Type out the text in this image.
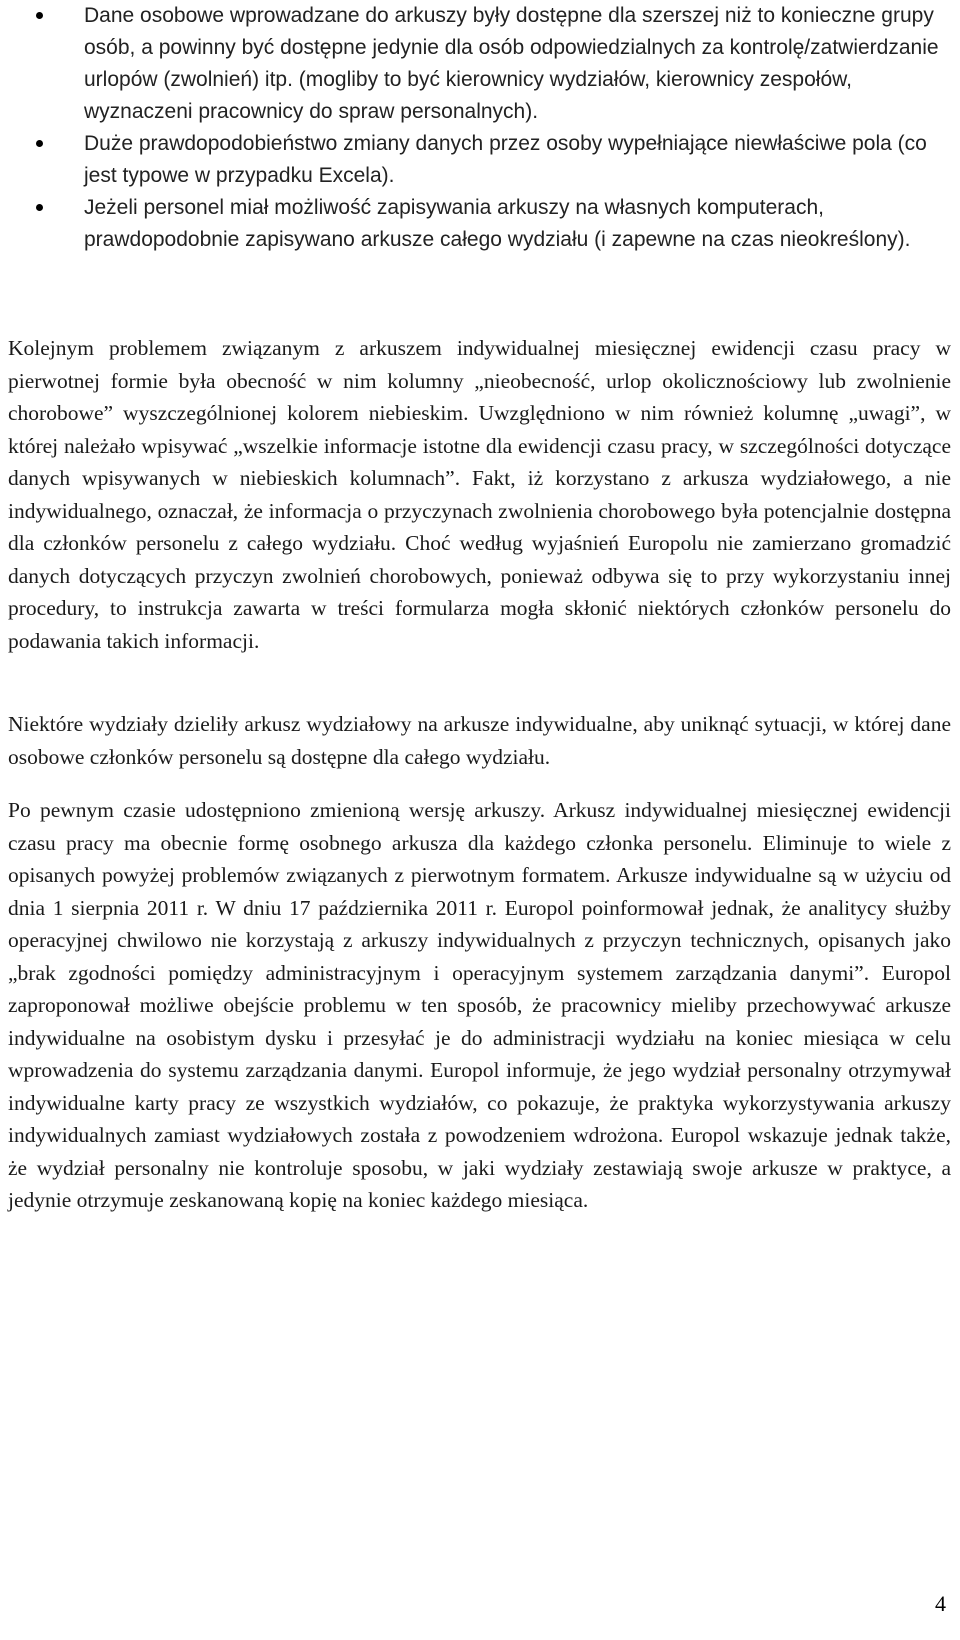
Dane osobowe wprowadzane do arkuszy były dostępne dla szerszej niż to konieczne grupy osób, a powinny być dostępne jedynie dla osób odpowiedzialnych za kontrolę/zatwierdzanie urlopów (zwolnień) itp. (mogliby to być kierownicy wydziałów, kierownicy zespołów, wyznaczeni pracownicy do spraw personalnych).
Duże prawdopodobieństwo zmiany danych przez osoby wypełniające niewłaściwe pola (co jest typowe w przypadku Excela).
Jeżeli personel miał możliwość zapisywania arkuszy na własnych komputerach, prawdopodobnie zapisywano arkusze całego wydziału (i zapewne na czas nieokreślony).

Kolejnym problemem związanym z arkuszem indywidualnej miesięcznej ewidencji czasu pracy w pierwotnej formie była obecność w nim kolumny „nieobecność, urlop okolicznościowy lub zwolnienie chorobowe” wyszczególnionej kolorem niebieskim. Uwzględniono w nim również kolumnę „uwagi”, w której należało wpisywać „wszelkie informacje istotne dla ewidencji czasu pracy, w szczególności dotyczące danych wpisywanych w niebieskich kolumnach”. Fakt, iż korzystano z arkusza wydziałowego, a nie indywidualnego, oznaczał, że informacja o przyczynach zwolnienia chorobowego była potencjalnie dostępna dla członków personelu z całego wydziału. Choć według wyjaśnień Europolu nie zamierzano gromadzić danych dotyczących przyczyn zwolnień chorobowych, ponieważ odbywa się to przy wykorzystaniu innej procedury, to instrukcja zawarta w treści formularza mogła skłonić niektórych członków personelu do podawania takich informacji.

Niektóre wydziały dzieliły arkusz wydziałowy na arkusze indywidualne, aby uniknąć sytuacji, w której dane osobowe członków personelu są dostępne dla całego wydziału.

Po pewnym czasie udostępniono zmienioną wersję arkuszy. Arkusz indywidualnej miesięcznej ewidencji czasu pracy ma obecnie formę osobnego arkusza dla każdego członka personelu. Eliminuje to wiele z opisanych powyżej problemów związanych z pierwotnym formatem. Arkusze indywidualne są w użyciu od dnia 1 sierpnia 2011 r. W dniu 17 października 2011 r. Europol poinformował jednak, że analitycy służby operacyjnej chwilowo nie korzystają z arkuszy indywidualnych z przyczyn technicznych, opisanych jako „brak zgodności pomiędzy administracyjnym i operacyjnym systemem zarządzania danymi”. Europol zaproponował możliwe obejście problemu w ten sposób, że pracownicy mieliby przechowywać arkusze indywidualne na osobistym dysku i przesyłać je do administracji wydziału na koniec miesiąca w celu wprowadzenia do systemu zarządzania danymi. Europol informuje, że jego wydział personalny otrzymywał indywidualne karty pracy ze wszystkich wydziałów, co pokazuje, że praktyka wykorzystywania arkuszy indywidualnych zamiast wydziałowych została z powodzeniem wdrożona. Europol wskazuje jednak także, że wydział personalny nie kontroluje sposobu, w jaki wydziały zestawiają swoje arkusze w praktyce, a jedynie otrzymuje zeskanowaną kopię na koniec każdego miesiąca.

4
